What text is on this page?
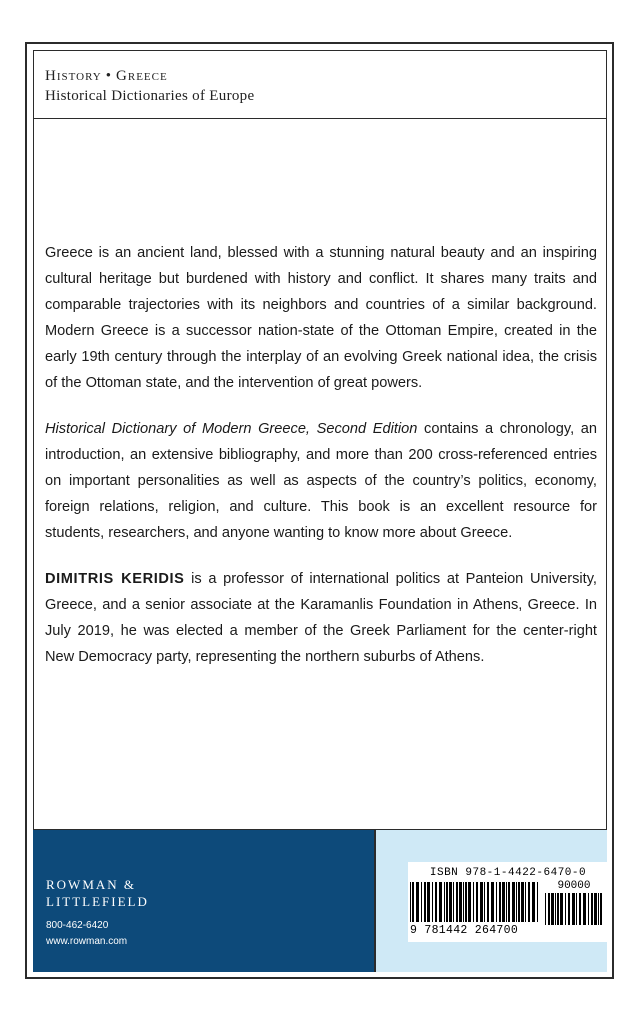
History • Greece
Historical Dictionaries of Europe

Greece is an ancient land, blessed with a stunning natural beauty and an inspiring cultural heritage but burdened with history and conflict. It shares many traits and comparable trajectories with its neighbors and countries of a similar background. Modern Greece is a successor nation-state of the Ottoman Empire, created in the early 19th century through the interplay of an evolving Greek national idea, the crisis of the Ottoman state, and the intervention of great powers.

Historical Dictionary of Modern Greece, Second Edition contains a chronology, an introduction, an extensive bibliography, and more than 200 cross-referenced entries on important personalities as well as aspects of the country’s politics, economy, foreign relations, religion, and culture. This book is an excellent resource for students, researchers, and anyone wanting to know more about Greece.

DIMITRIS KERIDIS is a professor of international politics at Panteion University, Greece, and a senior associate at the Karamanlis Foundation in Athens, Greece. In July 2019, he was elected a member of the Greek Parliament for the center-right New Democracy party, representing the northern suburbs of Athens.

ROWMAN &
LITTLEFIELD
800-462-6420
www.rowman.com
ISBN 978-1-4422-6470-0
90000
9 781442 264700
